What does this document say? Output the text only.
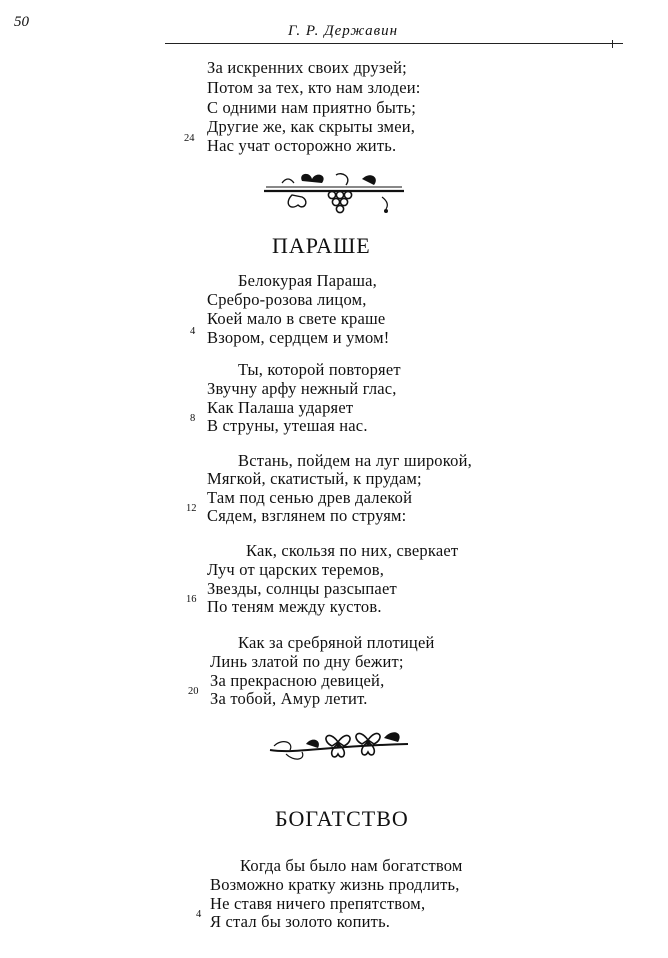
50
Г. Р. Державин
За искренних своих друзей;
Потом за тех, кто нам злодеи:
С одними нам приятно быть;
Другие же, как скрыты змеи,
24 Нас учат осторожно жить.
ПАРАШЕ
Белокурая Параша,
Сребро-розова лицом,
Коей мало в свете краше
4 Взором, сердцем и умом!
Ты, которой повторяет
Звучну арфу нежный глас,
Как Палаша ударяет
8 В струны, утешая нас.
Встань, пойдем на луг широкой,
Мягкой, скатистый, к прудам;
Там под сенью древ далекой
12 Сядем, взглянем по струям:
Как, скользя по них, сверкает
Луч от царских теремов,
Звезды, солнцы разсыпает
16 По теням между кустов.
Как за сребряной плотицей
Линь златой по дну бежит;
За прекрасною девицей,
20 За тобой, Амур летит.
БОГАТСТВО
Когда бы было нам богатством
Возможно кратку жизнь продлить,
Не ставя ничего препятством,
4 Я стал бы золото копить.
